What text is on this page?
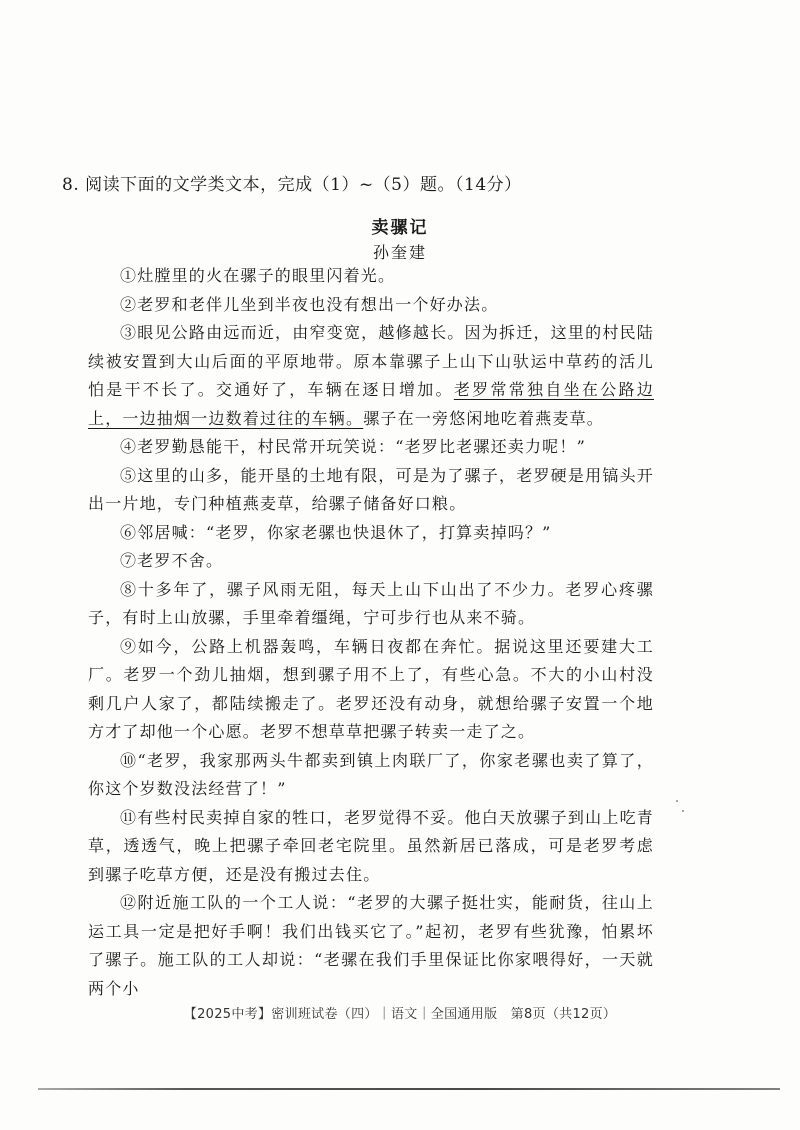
8. 阅读下面的文学类文本，完成（1）~（5）题。（14分）
卖骡记
孙奎建

①灶膛里的火在骡子的眼里闪着光。

②老罗和老伴儿坐到半夜也没有想出一个好办法。

③眼见公路由远而近，由窄变宽，越修越长。因为拆迁，这里的村民陆续被安置到大山后面的平原地带。原本靠骡子上山下山驮运中草药的活儿怕是干不长了。交通好了，车辆在逐日增加。老罗常常独自坐在公路边上，一边抽烟一边数着过往的车辆。骡子在一旁悠闲地吃着燕麦草。

④老罗勤恳能干，村民常开玩笑说：“老罗比老骡还卖力呢！”

⑤这里的山多，能开垦的土地有限，可是为了骡子，老罗硬是用镐头开出一片地，专门种植燕麦草，给骡子储备好口粮。

⑥邻居喊：“老罗，你家老骡也快退休了，打算卖掉吗？”

⑦老罗不舍。

⑧十多年了，骡子风雨无阻，每天上山下山出了不少力。老罗心疼骡子，有时上山放骡，手里牵着缰绳，宁可步行也从来不骑。

⑨如今，公路上机器轰鸣，车辆日夜都在奔忙。据说这里还要建大工厂。老罗一个劲儿抽烟，想到骡子用不上了，有些心急。不大的小山村没剩几户人家了，都陆续搬走了。老罗还没有动身，就想给骡子安置一个地方才了却他一个心愿。老罗不想草草把骡子转卖一走了之。

⑩“老罗，我家那两头牛都卖到镇上肉联厂了，你家老骡也卖了算了，你这个岁数没法经营了！”

⑪有些村民卖掉自家的牲口，老罗觉得不妥。他白天放骡子到山上吃青草，透透气，晚上把骡子牵回老宅院里。虽然新居已落成，可是老罗考虑到骡子吃草方便，还是没有搬过去住。

⑫附近施工队的一个工人说：“老罗的大骡子挺壮实，能耐货，往山上运工具一定是把好手啊！我们出钱买它了。”起初，老罗有些犹豫，怕累坏了骡子。施工队的工人却说：“老骡在我们手里保证比你家喂得好，一天就两个小

【2025中考】密训班试卷（四）｜语文｜全国通用版　第8页（共12页）
